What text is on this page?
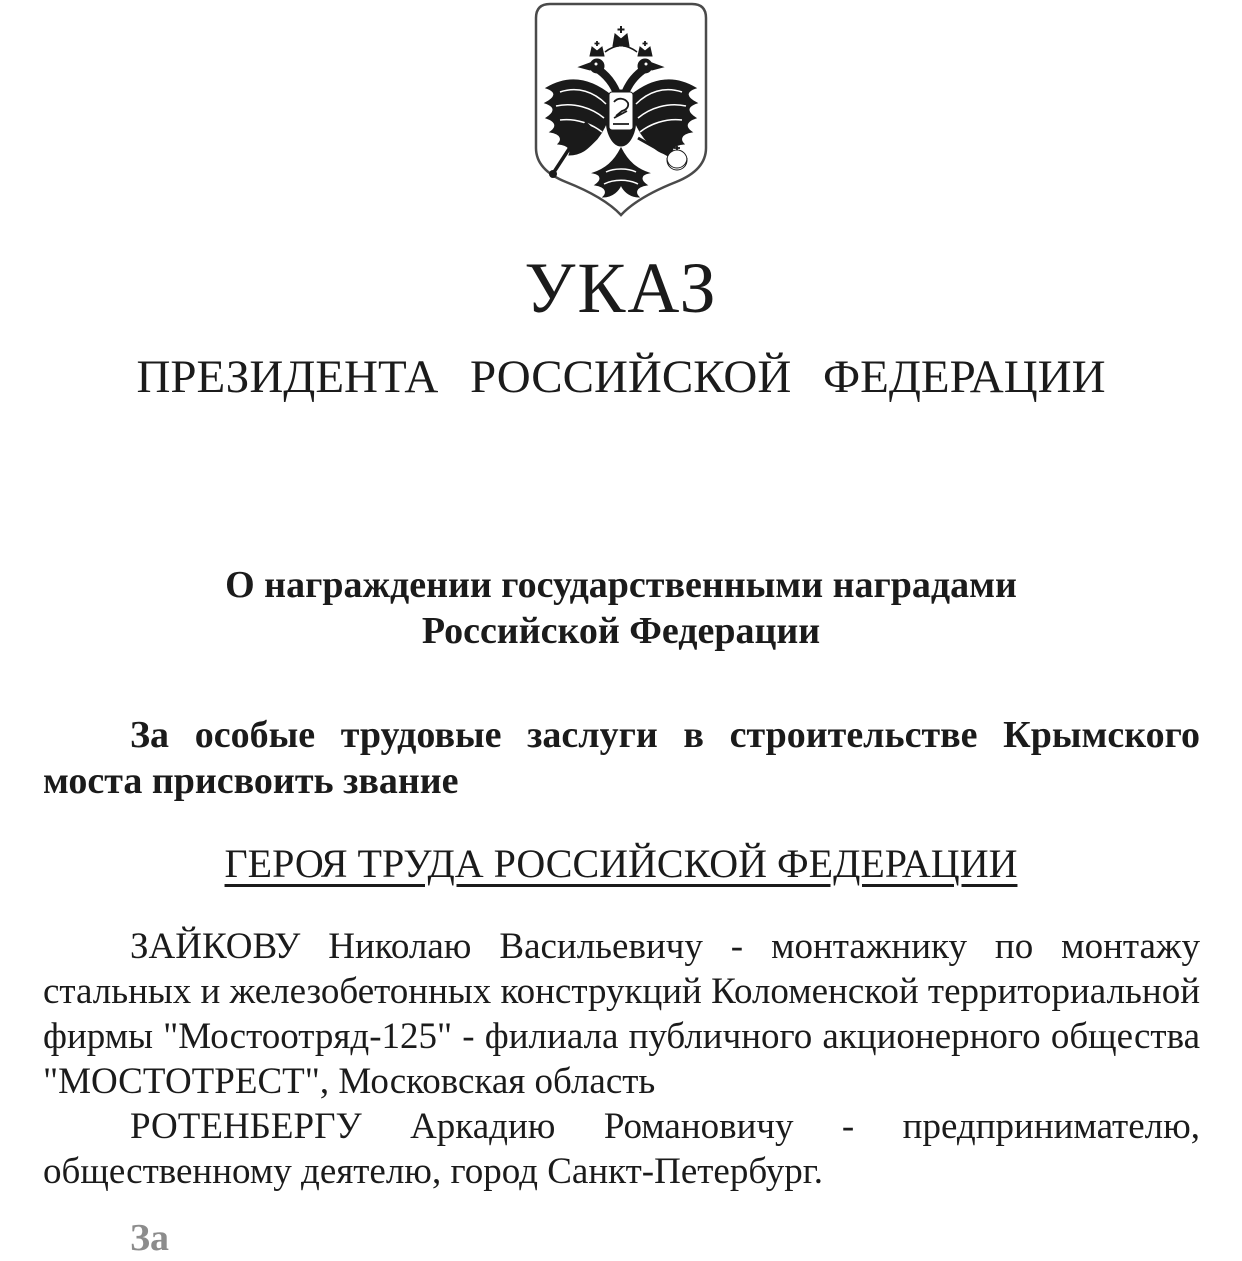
УКАЗ
ПРЕЗИДЕНТА РОССИЙСКОЙ ФЕДЕРАЦИИ
О награждении государственными наградами
Российской Федерации

За особые трудовые заслуги в строительстве Крымского моста присвоить звание

ГЕРОЯ ТРУДА РОССИЙСКОЙ ФЕДЕРАЦИИ

ЗАЙКОВУ Николаю Васильевичу - монтажнику по монтажу стальных и железобетонных конструкций Коломенской территориальной фирмы "Мостоотряд-125" - филиала публичного акционерного общества "МОСТОТРЕСТ", Московская область

РОТЕНБЕРГУ Аркадию Романовичу - предпринимателю, общественному деятелю, город Санкт-Петербург.

За
